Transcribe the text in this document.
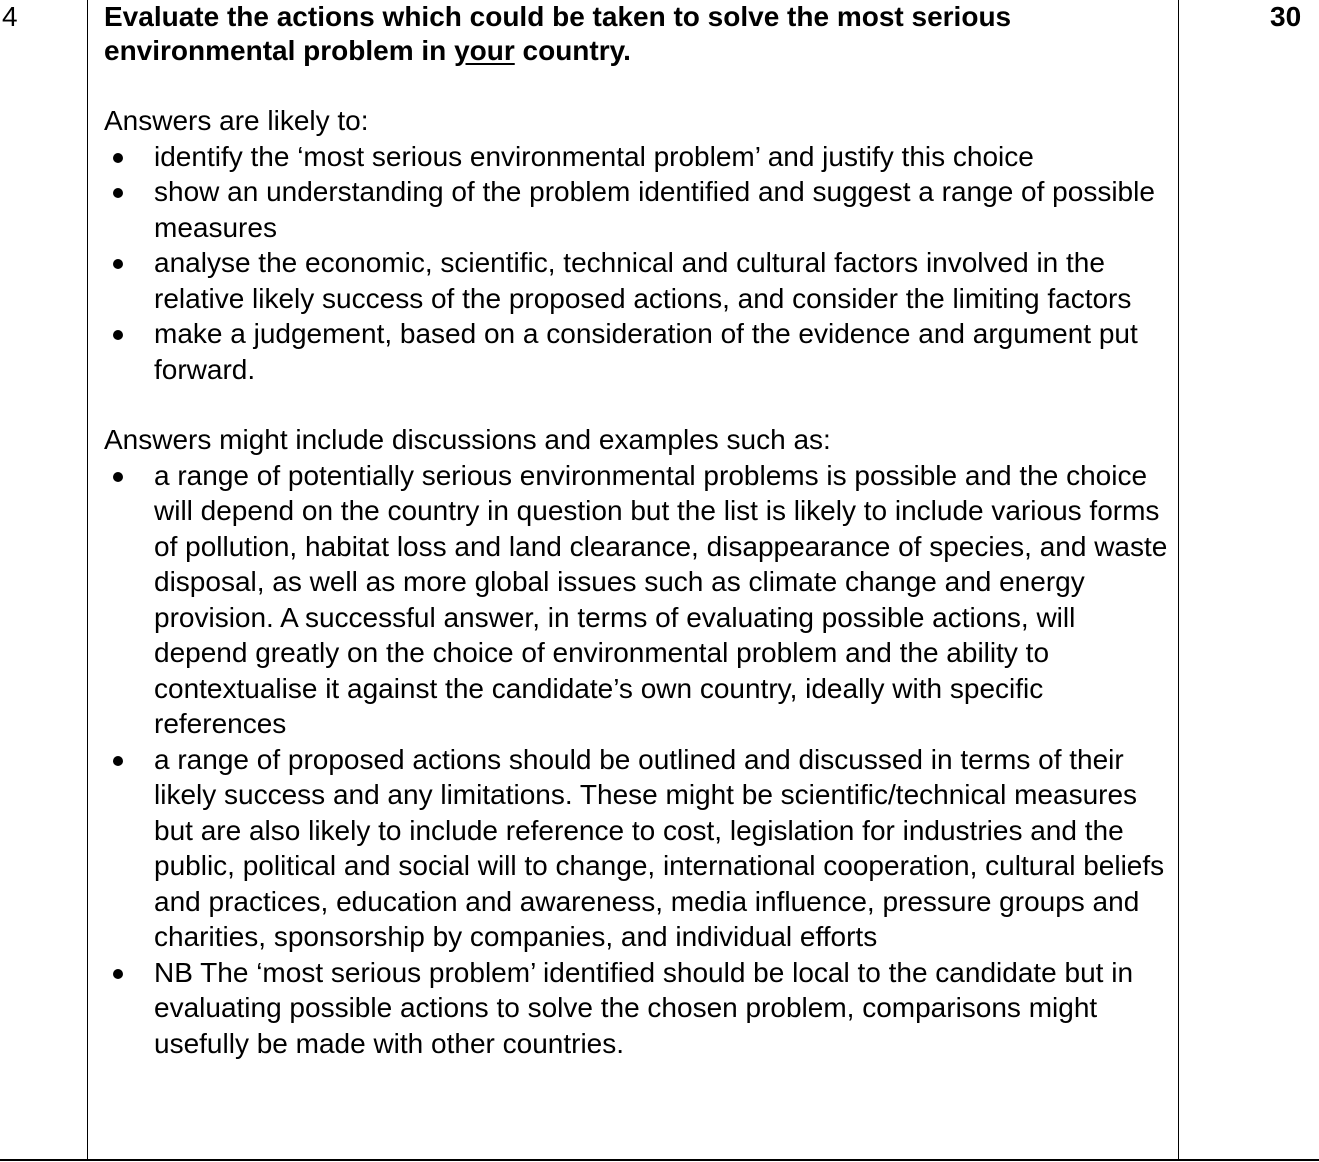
4	Evaluate the actions which could be taken to solve the most serious environmental problem in your country.

Answers are likely to:

identify the ‘most serious environmental problem’ and justify this choice
show an understanding of the problem identified and suggest a range of possible measures
analyse the economic, scientific, technical and cultural factors involved in the relative likely success of the proposed actions, and consider the limiting factors
make a judgement, based on a consideration of the evidence and argument put forward.

Answers might include discussions and examples such as:

a range of potentially serious environmental problems is possible and the choice will depend on the country in question but the list is likely to include various forms of pollution, habitat loss and land clearance, disappearance of species, and waste disposal, as well as more global issues such as climate change and energy provision. A successful answer, in terms of evaluating possible actions, will depend greatly on the choice of environmental problem and the ability to contextualise it against the candidate’s own country, ideally with specific references
a range of proposed actions should be outlined and discussed in terms of their likely success and any limitations. These might be scientific/technical measures but are also likely to include reference to cost, legislation for industries and the public, political and social will to change, international cooperation, cultural beliefs and practices, education and awareness, media influence, pressure groups and charities, sponsorship by companies, and individual efforts
NB The ‘most serious problem’ identified should be local to the candidate but in evaluating possible actions to solve the chosen problem, comparisons might usefully be made with other countries.
30
